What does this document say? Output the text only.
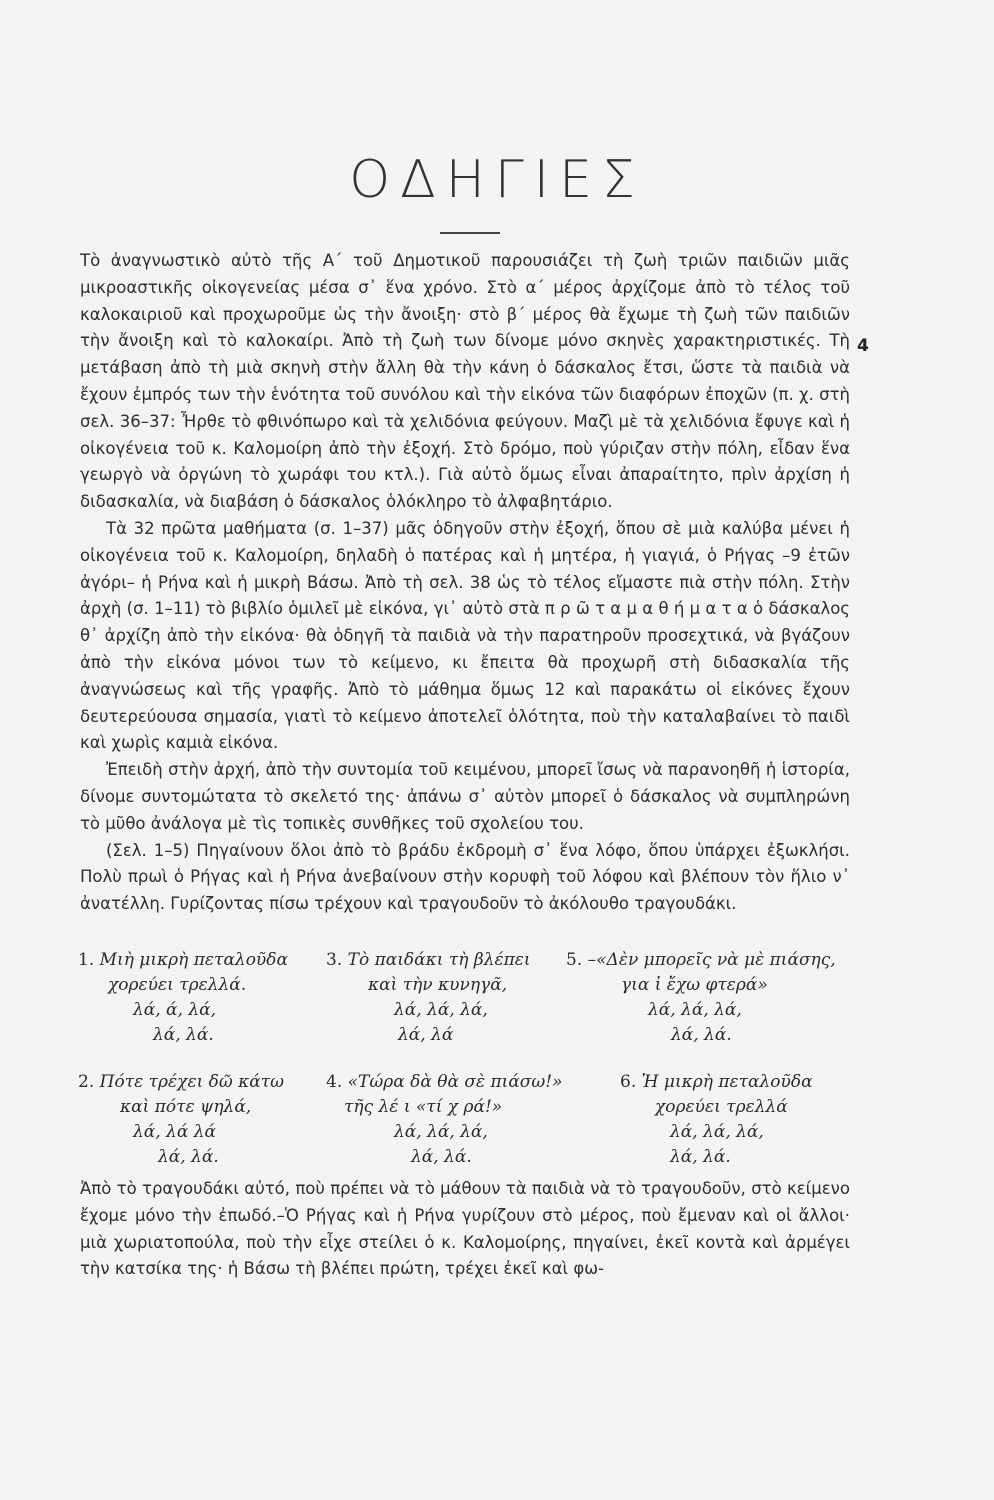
ΟΔΗΓΙΕΣ
4

Τὸ ἀναγνωστικὸ αὐτὸ τῆς Α΄ τοῦ Δημοτικοῦ παρουσιάζει τὴ ζωὴ τριῶν παιδιῶν μιᾶς μικροαστικῆς οἰκογενείας μέσα σ᾽ ἕνα χρόνο. Στὸ α΄ μέρος ἀρχίζομε ἀπὸ τὸ τέλος τοῦ καλοκαιριοῦ καὶ προχωροῦμε ὡς τὴν ἄνοιξη· στὸ β΄ μέρος θὰ ἔχωμε τὴ ζωὴ τῶν παιδιῶν τὴν ἄνοιξη καὶ τὸ καλοκαίρι. Ἀπὸ τὴ ζωὴ των δίνομε μόνο σκηνὲς χαρακτηριστικές. Τὴ μετάβαση ἀπὸ τὴ μιὰ σκηνὴ στὴν ἄλλη θὰ τὴν κάνη ὁ δάσκαλος ἔτσι, ὥστε τὰ παιδιὰ νὰ ἔχουν ἐμπρός των τὴν ἑνότητα τοῦ συνόλου καὶ τὴν εἰκόνα τῶν διαφόρων ἐποχῶν (π. χ. στὴ σελ. 36–37: Ἦρθε τὸ φθινόπωρο καὶ τὰ χελιδόνια φεύγουν. Μαζὶ μὲ τὰ χελιδόνια ἔφυγε καὶ ἡ οἰκογένεια τοῦ κ. Καλομοίρη ἀπὸ τὴν ἐξοχή. Στὸ δρόμο, ποὺ γύριζαν στὴν πόλη, εἶδαν ἕνα γεωργὸ νὰ ὀργώνη τὸ χωράφι του κτλ.). Γιὰ αὐτὸ ὅμως εἶναι ἀπαραίτητο, πρὶν ἀρχίση ἡ διδασκαλία, νὰ διαβάση ὁ δάσκαλος ὁλόκληρο τὸ ἀλφαβητάριο.

Τὰ 32 πρῶτα μαθήματα (σ. 1–37) μᾶς ὁδηγοῦν στὴν ἐξοχή, ὅπου σὲ μιὰ καλύβα μένει ἡ οἰκογένεια τοῦ κ. Καλομοίρη, δηλαδὴ ὁ πατέρας καὶ ἡ μητέρα, ἡ γιαγιά, ὁ Ρήγας –9 ἐτῶν ἀγόρι– ἡ Ρήνα καὶ ἡ μικρὴ Βάσω. Ἀπὸ τὴ σελ. 38 ὡς τὸ τέλος εἴμαστε πιὰ στὴν πόλη. Στὴν ἀρχὴ (σ. 1–11) τὸ βιβλίο ὁμιλεῖ μὲ εἰκόνα, γι᾽ αὐτὸ στὰ π ρ ῶ τ α μ α θ ή μ α τ α ὁ δάσκαλος θ᾽ ἀρχίζη ἀπὸ τὴν εἰκόνα· θὰ ὁδηγῆ τὰ παιδιὰ νὰ τὴν παρατηροῦν προσεχτικά, νὰ βγάζουν ἀπὸ τὴν εἰκόνα μόνοι των τὸ κείμενο, κι ἔπειτα θὰ προχωρῆ στὴ διδασκαλία τῆς ἀναγνώσεως καὶ τῆς γραφῆς. Ἀπὸ τὸ μάθημα ὅμως 12 καὶ παρακάτω οἱ εἰκόνες ἔχουν δευτερεύουσα σημασία, γιατὶ τὸ κείμενο ἀποτελεῖ ὁλότητα, ποὺ τὴν καταλαβαίνει τὸ παιδὶ καὶ χωρὶς καμιὰ εἰκόνα.

Ἐπειδὴ στὴν ἀρχή, ἀπὸ τὴν συντομία τοῦ κειμένου, μπορεῖ ἴσως νὰ παρανοηθῆ ἡ ἱστορία, δίνομε συντομώτατα τὸ σκελετό της· ἀπάνω σ᾽ αὐτὸν μπορεῖ ὁ δάσκαλος νὰ συμπληρώνη τὸ μῦθο ἀνάλογα μὲ τὶς τοπικὲς συνθῆκες τοῦ σχολείου του.

(Σελ. 1–5) Πηγαίνουν ὅλοι ἀπὸ τὸ βράδυ ἐκδρομὴ σ᾽ ἕνα λόφο, ὅπου ὑπάρχει ἐξωκλήσι. Πολὺ πρωὶ ὁ Ρήγας καὶ ἡ Ρήνα ἀνεβαίνουν στὴν κορυφὴ τοῦ λόφου καὶ βλέπουν τὸν ἥλιο ν᾽ ἀνατέλλη. Γυρίζοντας πίσω τρέχουν καὶ τραγουδοῦν τὸ ἀκόλουθο τραγουδάκι.

1. Μιὴ μικρὴ πεταλοῦδα
χορεύει τρελλά.
λά, ά, λά,
λά, λά.
3. Τὸ παιδάκι τὴ βλέπει
καὶ τὴν κυνηγᾶ,
λά, λά, λά,
λά, λά
5. –«Δὲν μπορεῖς νὰ μὲ πιάσης,
για ἰ ἔχω φτερά»
λά, λά, λά,
λά, λά.
2. Πότε τρέχει δῶ κάτω
καὶ πότε ψηλά,
λά, λά λά
λά, λά.
4. «Τώρα δὰ θὰ σὲ πιάσω!»
τῆς λέ ι «τί χ ρά!»
λά, λά, λά,
λά, λά.
6. Ἡ μικρὴ πεταλοῦδα
χορεύει τρελλά
λά, λά, λά,
λά, λά.

Ἀπὸ τὸ τραγουδάκι αὐτό, ποὺ πρέπει νὰ τὸ μάθουν τὰ παιδιὰ νὰ τὸ τραγουδοῦν, στὸ κείμενο ἔχομε μόνο τὴν ἐπωδό.–Ὁ Ρήγας καὶ ἡ Ρήνα γυρίζουν στὸ μέρος, ποὺ ἔμεναν καὶ οἱ ἄλλοι· μιὰ χωριατοπούλα, ποὺ τὴν εἶχε στείλει ὁ κ. Καλομοίρης, πηγαίνει, ἐκεῖ κοντὰ καὶ ἀρμέγει τὴν κατσίκα της· ἡ Βάσω τὴ βλέπει πρώτη, τρέχει ἐκεῖ καὶ φω-
